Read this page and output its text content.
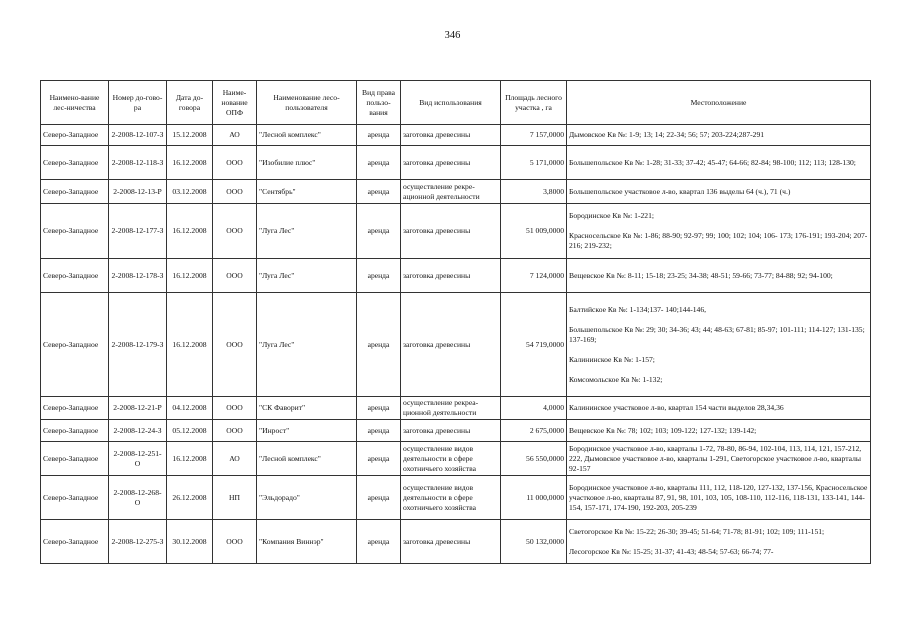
346
Наимено-вание лес-ничества	Номер до-гово-ра	Дата до-говора	Наиме-нование ОПФ	Наименование лесо-пользователя	Вид права пользо-вания	Вид использования	Площадь лесного участка , га	Местоположение
Северо-Западное	2-2008-12-107-З	15.12.2008	АО	"Лесной комплекс"	аренда	заготовка древесины	7 157,0000	Дымовское Кв №: 1-9; 13; 14; 22-34; 56; 57; 203-224;287-291

Северо-Западное	2-2008-12-118-З	16.12.2008	ООО	"Изобилие плюс"	аренда	заготовка древесины	5 171,0000	Большепольское Кв №: 1-28; 31-33; 37-42; 45-47; 64-66; 82-84; 98-100; 112; 113; 128-130;

Северо-Западное	2-2008-12-13-Р	03.12.2008	ООО	"Сентябрь"	аренда	осуществление рекре-ационной деятельности	3,8000	Большепольское участковое л-во, квартал 136 выделы 64 (ч.), 71 (ч.)

Северо-Западное	2-2008-12-177-З	16.12.2008	ООО	"Луга Лес"	аренда	заготовка древесины	51 009,0000	Бородинское Кв №: 1-221;
Красносельское Кв №: 1-86; 88-90; 92-97; 99; 100; 102; 104; 106- 173; 176-191; 193-204; 207- 216; 219-232;

Северо-Западное	2-2008-12-178-З	16.12.2008	ООО	"Луга Лес"	аренда	заготовка древесины	7 124,0000	Вещевское Кв №: 8-11; 15-18; 23-25; 34-38; 48-51; 59-66; 73-77; 84-88; 92; 94-100;

Северо-Западное	2-2008-12-179-З	16.12.2008	ООО	"Луга Лес"	аренда	заготовка древесины	54 719,0000	Балтийское Кв №: 1-134;137- 140;144-146,
Большепольское Кв №: 29; 30; 34-36; 43; 44; 48-63; 67-81; 85-97; 101-111; 114-127; 131-135; 137-169;
Калининское Кв №: 1-157;
Комсомольское Кв №: 1-132;

Северо-Западное	2-2008-12-21-Р	04.12.2008	ООО	"СК Фаворит"	аренда	осуществление рекреа-ционной деятельности	4,0000	Калининское участковое л-во, квартал 154 части выделов 28,34,36

Северо-Западное	2-2008-12-24-З	05.12.2008	ООО	"Инрост"	аренда	заготовка древесины	2 675,0000	Вещевское Кв №: 78; 102; 103; 109-122; 127-132; 139-142;

Северо-Западное	2-2008-12-251-О	16.12.2008	АО	"Лесной комплекс"	аренда	осуществление видов деятельности в сфере охотничьего хозяйства	56 550,0000	Бородинское участковое л-во, кварталы 1-72, 78-80, 86-94, 102-104, 113, 114, 121, 157-212, 222, Дымовское участковое л-во, кварталы 1-291, Светогорское участковое л-во, кварталы 92-157

Северо-Западное	2-2008-12-268-О	26.12.2008	НП	"Эльдорадо"	аренда	осуществление видов деятельности в сфере охотничьего хозяйства	11 000,0000	Бородинское участковое л-во, кварталы 111, 112, 118-120, 127-132, 137-156, Красносельское участковое л-во, кварталы 87, 91, 98, 101, 103, 105, 108-110, 112-116, 118-131, 133-141, 144-154, 157-171, 174-190, 192-203, 205-239

Северо-Западное	2-2008-12-275-З	30.12.2008	ООО	"Компания Виннэр"	аренда	заготовка древесины	50 132,0000	Светогорское Кв №: 15-22; 26-30; 39-45; 51-64; 71-78; 81-91; 102; 109; 111-151;
Лесогорское Кв №: 15-25; 31-37; 41-43; 48-54; 57-63; 66-74; 77-
